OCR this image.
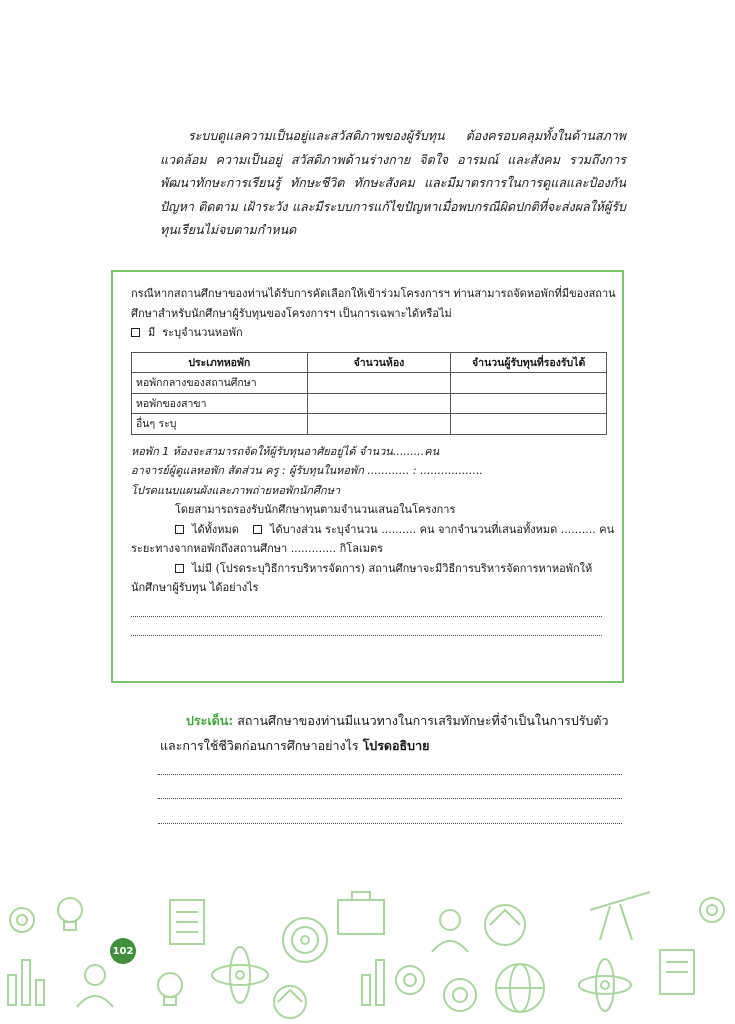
ระบบดูแลความเป็นอยู่และสวัสดิภาพของผู้รับทุน ต้องครอบคลุมทั้งในด้านสภาพแวดล้อม ความเป็นอยู่ สวัสดิภาพด้านร่างกาย จิตใจ อารมณ์ และสังคม รวมถึงการพัฒนาทักษะการเรียนรู้ ทักษะชีวิต ทักษะสังคม และมีมาตรการในการดูแลและป้องกันปัญหา ติดตาม เฝ้าระวัง และมีระบบการแก้ไขปัญหาเมื่อพบกรณีผิดปกติที่จะส่งผลให้ผู้รับทุนเรียนไม่จบตามกำหนด

กรณีหากสถานศึกษาของท่านได้รับการคัดเลือกให้เข้าร่วมโครงการฯ ท่านสามารถจัดหอพักที่มีของสถาน
ศึกษาสำหรับนักศึกษาผู้รับทุนของโครงการฯ เป็นการเฉพาะได้หรือไม่
มี ระบุจำนวนหอพัก
ประเภทหอพัก	จำนวนห้อง	จำนวนผู้รับทุนที่รองรับได้
หอพักกลางของสถานศึกษา		
หอพักของสาขา		
อื่นๆ ระบุ		
หอพัก 1 ห้องจะสามารถจัดให้ผู้รับทุนอาศัยอยู่ได้ จำนวน.........คน
อาจารย์ผู้ดูแลหอพัก สัดส่วน ครู : ผู้รับทุนในหอพัก ............ : ..................
โปรดแนบแผนผังและภาพถ่ายหอพักนักศึกษา
โดยสามารถรองรับนักศึกษาทุนตามจำนวนเสนอในโครงการ
ได้ทั้งหมด	ได้บางส่วน ระบุจำนวน .......... คน จากจำนวนที่เสนอทั้งหมด .......... คน
ระยะทางจากหอพักถึงสถานศึกษา ............. กิโลเมตร
ไม่มี (โปรดระบุวิธีการบริหารจัดการ) สถานศึกษาจะมีวิธีการบริหารจัดการหาหอพักให้
นักศึกษาผู้รับทุน ได้อย่างไร
ประเด็น: สถานศึกษาของท่านมีแนวทางในการเสริมทักษะที่จำเป็นในการปรับตัว
และการใช้ชีวิตก่อนการศึกษาอย่างไร โปรดอธิบาย
102
